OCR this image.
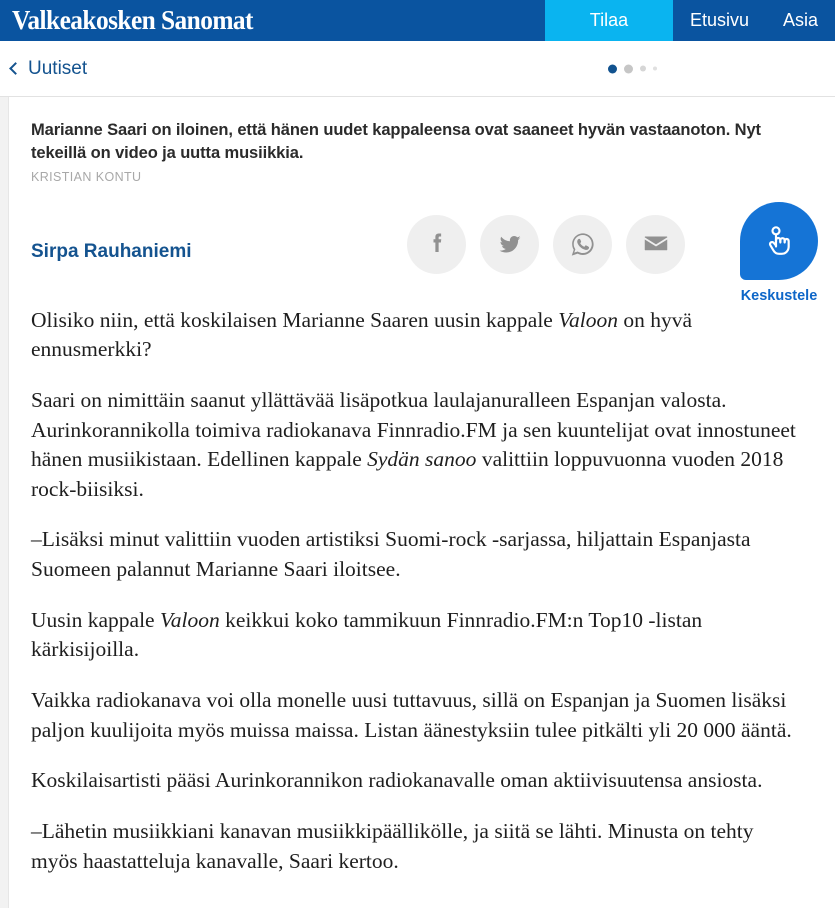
Valkeakosken Sanomat	Tilaa	Etusivu	Asia
Uutiset
Marianne Saari on iloinen, että hänen uudet kappaleensa ovat saaneet hyvän vastaanoton. Nyt tekeillä on video ja uutta musiikkia.
KRISTIAN KONTU
Sirpa Rauhaniemi
Keskustele

Olisiko niin, että koskilaisen Marianne Saaren uusin kappale Valoon on hyvä ennusmerkki?

Saari on nimittäin saanut yllättävää lisäpotkua laulajanuralleen Espanjan valosta. Aurinkorannikolla toimiva radiokanava Finnradio.FM ja sen kuuntelijat ovat innostuneet hänen musiikistaan. Edellinen kappale Sydän sanoo valittiin loppuvuonna vuoden 2018 rock-biisiksi.

–Lisäksi minut valittiin vuoden artistiksi Suomi-rock -sarjassa, hiljattain Espanjasta Suomeen palannut Marianne Saari iloitsee.

Uusin kappale Valoon keikkui koko tammikuun Finnradio.FM:n Top10 -listan kärkisijoilla.

Vaikka radiokanava voi olla monelle uusi tuttavuus, sillä on Espanjan ja Suomen lisäksi paljon kuulijoita myös muissa maissa. Listan äänestyksiin tulee pitkälti yli 20 000 ääntä.

Koskilaisartisti pääsi Aurinkorannikon radiokanavalle oman aktiivisuutensa ansiosta.

–Lähetin musiikkiani kanavan musiikkipäällikölle, ja siitä se lähti. Minusta on tehty myös haastatteluja kanavalle, Saari kertoo.
